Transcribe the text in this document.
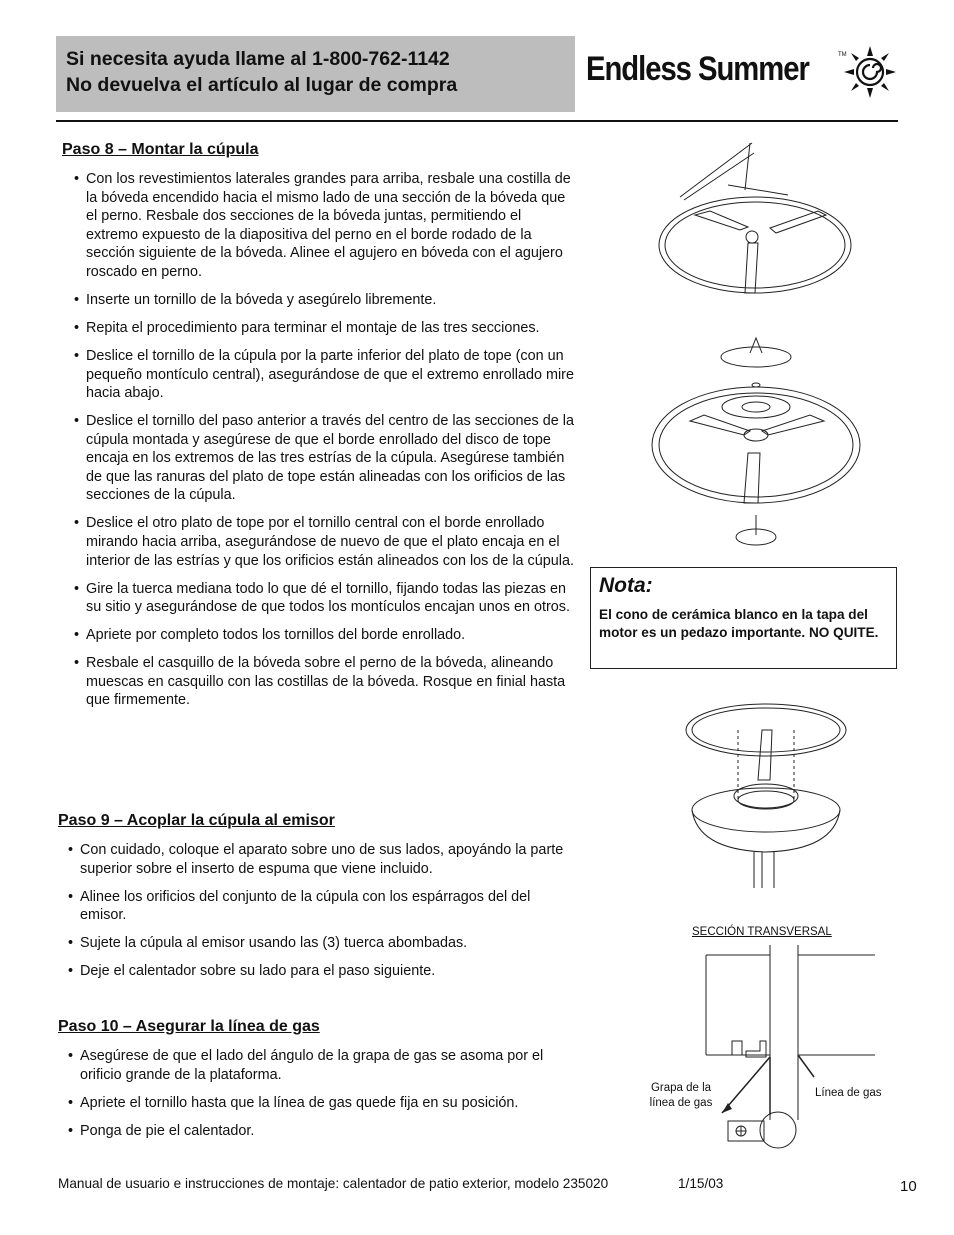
Si necesita ayuda llame al 1-800-762-1142
No devuelva el artículo al lugar de compra	Endless Summer	TM
Paso 8 – Montar la cúpula
• Con los revestimientos laterales grandes para arriba, resbale una costilla de la bóveda encendido hacia el mismo lado de una sección de la bóveda que el perno. Resbale dos secciones de la bóveda juntas, permitiendo el extremo expuesto de la diapositiva del perno en el borde rodado de la sección siguiente de la bóveda. Alinee el agujero en bóveda con el agujero roscado en perno.
• Inserte un tornillo de la bóveda y asegúrelo libremente.
• Repita el procedimiento para terminar el montaje de las tres secciones.
• Deslice el tornillo de la cúpula por la parte inferior del plato de tope (con un pequeño montículo central), asegurándose de que el extremo enrollado mire hacia abajo.
• Deslice el tornillo del paso anterior a través del centro de las secciones de la cúpula montada y asegúrese de que el borde enrollado del disco de tope encaja en los extremos de las tres estrías de la cúpula. Asegúrese también de que las ranuras del plato de tope están alineadas con los orificios de las secciones de la cúpula.
• Deslice el otro plato de tope por el tornillo central con el borde enrollado mirando hacia arriba, asegurándose de nuevo de que el plato encaja en el interior de las estrías y que los orificios están alineados con los de la cúpula.
• Gire la tuerca mediana todo lo que dé el tornillo, fijando todas las piezas en su sitio y asegurándose de que todos los montículos encajan unos en otros.
• Apriete por completo todos los tornillos del borde enrollado.
• Resbale el casquillo de la bóveda sobre el perno de la bóveda, alineando muescas en casquillo con las costillas de la bóveda. Rosque en finial hasta que firmemente.
Paso 9 – Acoplar la cúpula al emisor
• Con cuidado, coloque el aparato sobre uno de sus lados, apoyándo la parte superior sobre el inserto de espuma que viene incluido.
• Alinee los orificios del conjunto de la cúpula con los espárragos del del emisor.
• Sujete la cúpula al emisor usando las (3) tuerca abombadas.
• Deje el calentador sobre su lado para el paso siguiente.
Paso 10 – Asegurar la línea de gas
• Asegúrese de que el lado del ángulo de la grapa de gas se asoma por el orificio grande de la plataforma.
• Apriete el tornillo hasta que la línea de gas quede fija en su posición.
• Ponga de pie el calentador.
Nota:
El cono de cerámica blanco en la tapa del motor es un pedazo importante. NO QUITE.
SECCIÓN TRANSVERSAL
Grapa de la
línea de gas
Línea de gas
Manual de usuario e instrucciones de montaje: calentador de patio exterior, modelo 235020	1/15/03	10
